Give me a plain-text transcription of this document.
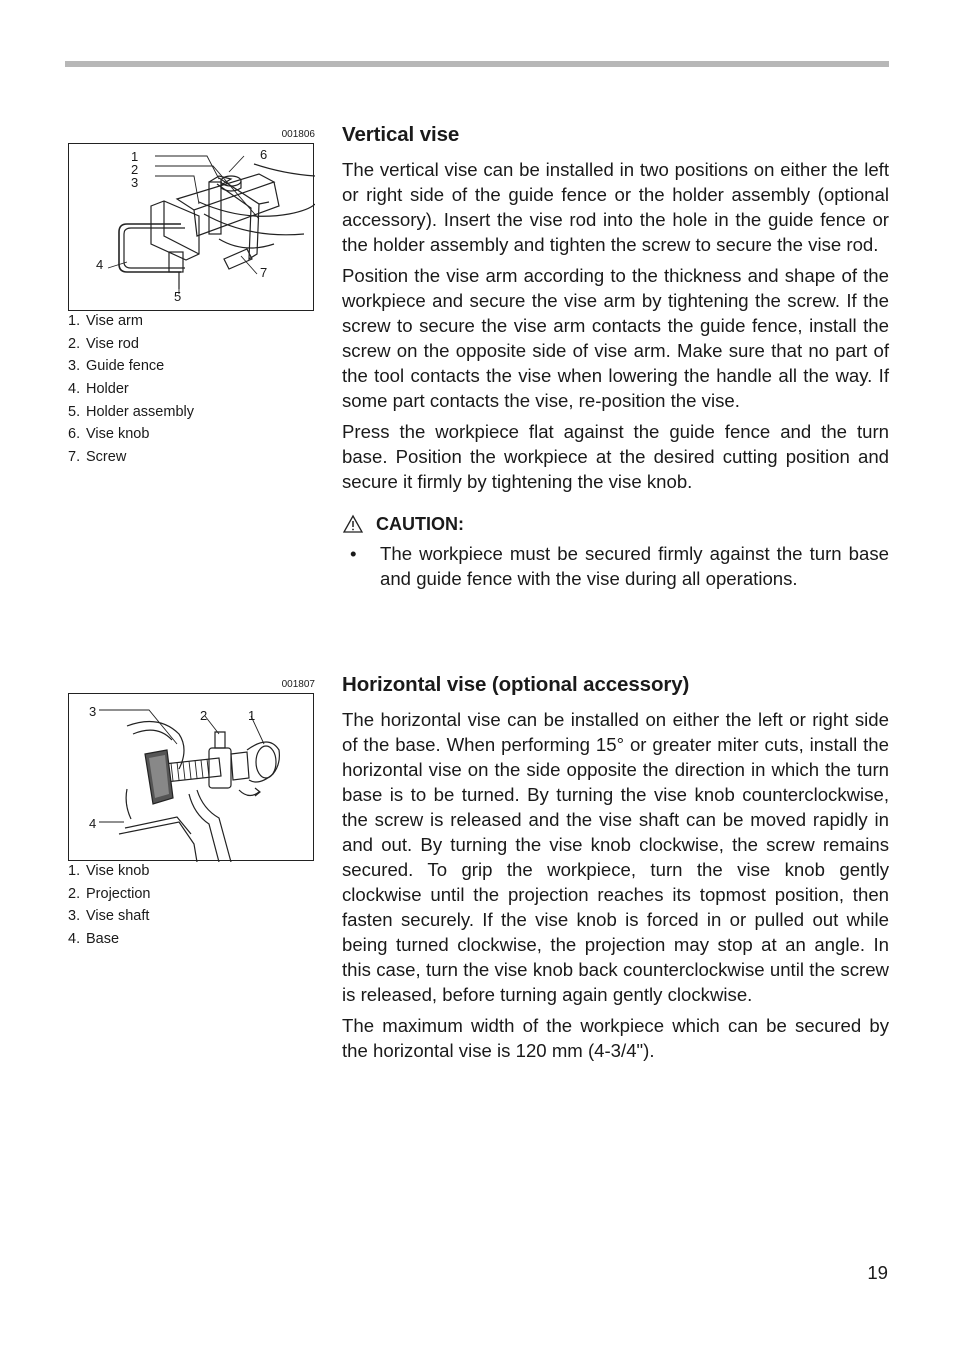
001806
1
2
3
4
5
6
7
1. Vise arm
2. Vise rod
3. Guide fence
4. Holder
5. Holder assembly
6. Vise knob
7. Screw
001807
3	2	1
4
1. Vise knob
2. Projection
3. Vise shaft
4. Base
Vertical vise

The vertical vise can be installed in two positions on either the left or right side of the guide fence or the holder assembly (optional accessory). Insert the vise rod into the hole in the guide fence or the holder assembly and tighten the screw to secure the vise rod.

Position the vise arm according to the thickness and shape of the workpiece and secure the vise arm by tightening the screw. If the screw to secure the vise arm contacts the guide fence, install the screw on the opposite side of vise arm. Make sure that no part of the tool contacts the vise when lowering the handle all the way. If some part contacts the vise, re-position the vise.

Press the workpiece flat against the guide fence and the turn base. Position the workpiece at the desired cutting position and secure it firmly by tightening the vise knob.

CAUTION:
•	The workpiece must be secured firmly against the turn base and guide fence with the vise during all operations.
Horizontal vise (optional accessory)

The horizontal vise can be installed on either the left or right side of the base. When performing 15° or greater miter cuts, install the horizontal vise on the side opposite the direction in which the turn base is to be turned. By turning the vise knob counterclockwise, the screw is released and the vise shaft can be moved rapidly in and out. By turning the vise knob clockwise, the screw remains secured. To grip the workpiece, turn the vise knob gently clockwise until the projection reaches its topmost position, then fasten securely. If the vise knob is forced in or pulled out while being turned clockwise, the projection may stop at an angle. In this case, turn the vise knob back counterclockwise until the screw is released, before turning again gently clockwise.

The maximum width of the workpiece which can be secured by the horizontal vise is 120 mm (4-3/4").

19
